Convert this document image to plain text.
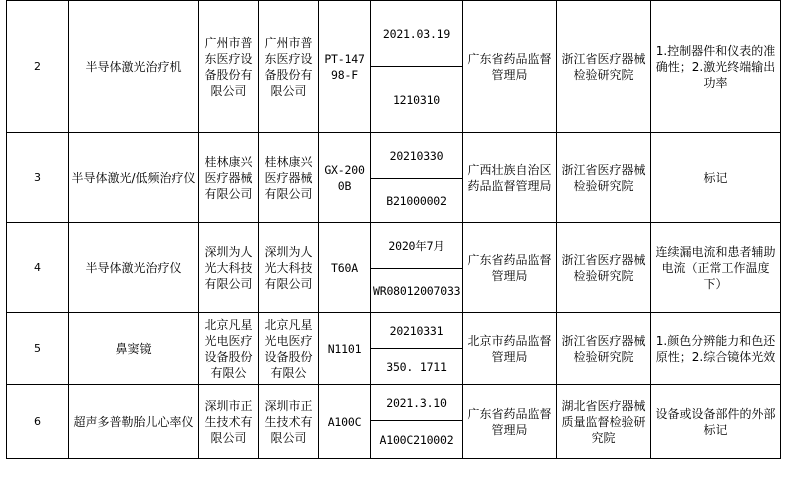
2	半导体激光治疗机	广州市普东医疗设备股份有限公司	广州市普东医疗设备股份有限公司	PT-14798-F	2021.03.19	广东省药品监督管理局	浙江省医疗器械检验研究院	1.控制器件和仪表的准确性；2.激光终端输出功率
					1210310			
3	半导体激光/低频治疗仪	桂林康兴医疗器械有限公司	桂林康兴医疗器械有限公司	GX-2000B	20210330	广西壮族自治区药品监督管理局	浙江省医疗器械检验研究院	标记
					B21000002			
4	半导体激光治疗仪	深圳为人光大科技有限公司	深圳为人光大科技有限公司	T60A	2020年7月	广东省药品监督管理局	浙江省医疗器械检验研究院	连续漏电流和患者辅助电流（正常工作温度下）
					WR08012007033			
5	鼻窦镜	北京凡星光电医疗设备股份有限公	北京凡星光电医疗设备股份有限公	N1101	20210331	北京市药品监督管理局	浙江省医疗器械检验研究院	1.颜色分辨能力和色还原性；2.综合镜体光效
					350. 1711			
6	超声多普勒胎儿心率仪	深圳市正生技术有限公司	深圳市正生技术有限公司	A100C	2021.3.10	广东省药品监督管理局	湖北省医疗器械质量监督检验研究院	设备或设备部件的外部标记
					A100C210002			
